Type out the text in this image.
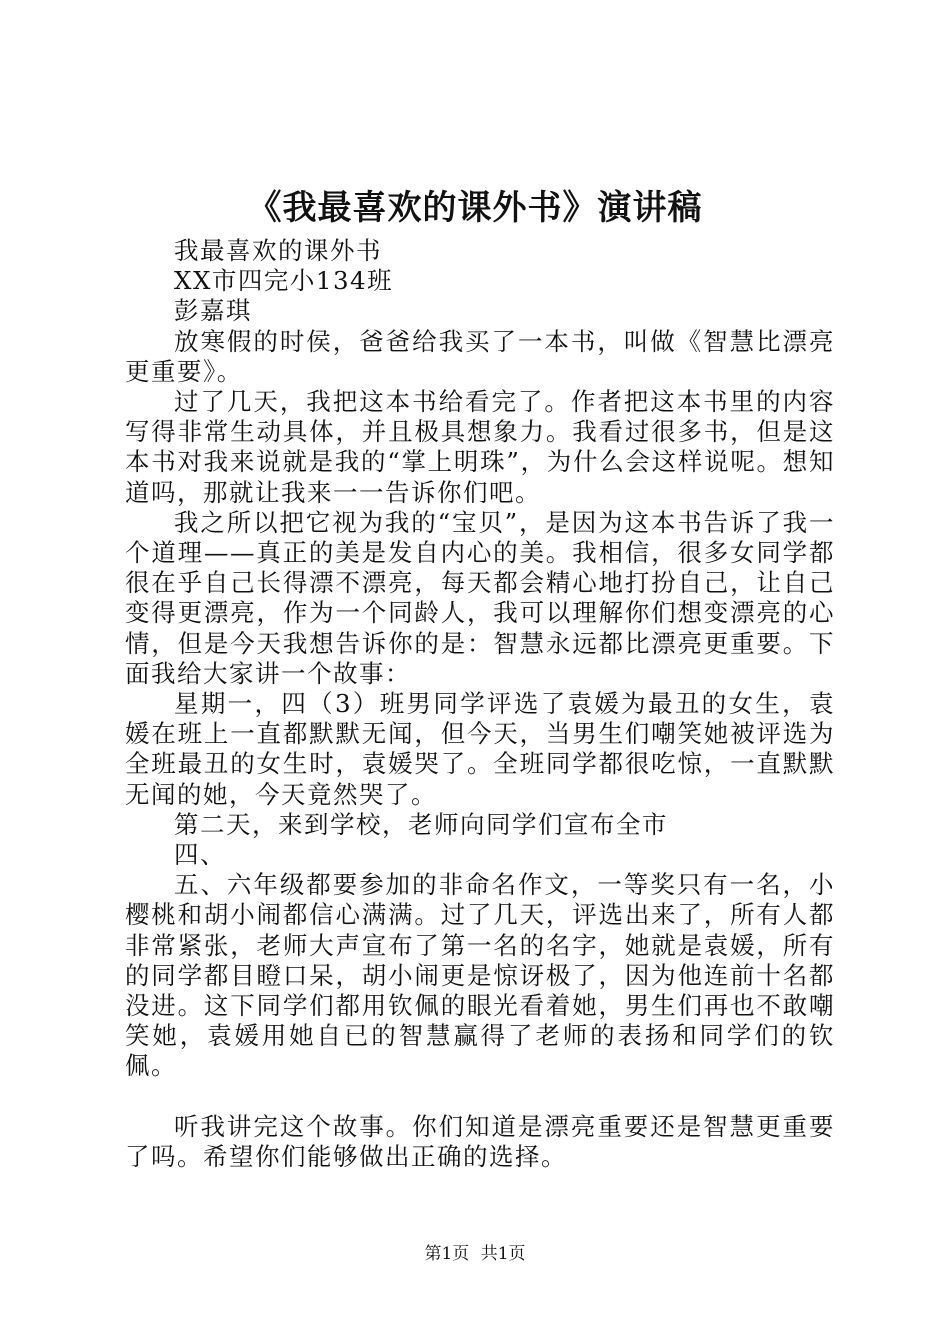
《我最喜欢的课外书》演讲稿

我最喜欢的课外书

XX市四完小134班

彭嘉琪

放寒假的时侯，爸爸给我买了一本书，叫做《智慧比漂亮更重要》。

过了几天，我把这本书给看完了。作者把这本书里的内容写得非常生动具体，并且极具想象力。我看过很多书，但是这本书对我来说就是我的“掌上明珠”，为什么会这样说呢。想知道吗，那就让我来一一告诉你们吧。

我之所以把它视为我的“宝贝”，是因为这本书告诉了我一个道理——真正的美是发自内心的美。我相信，很多女同学都很在乎自己长得漂不漂亮，每天都会精心地打扮自己，让自己变得更漂亮，作为一个同龄人，我可以理解你们想变漂亮的心情，但是今天我想告诉你的是：智慧永远都比漂亮更重要。下面我给大家讲一个故事：

星期一，四（3）班男同学评选了袁媛为最丑的女生，袁媛在班上一直都默默无闻，但今天，当男生们嘲笑她被评选为全班最丑的女生时，袁媛哭了。全班同学都很吃惊，一直默默无闻的她，今天竟然哭了。

第二天，来到学校，老师向同学们宣布全市

四、

五、六年级都要参加的非命名作文，一等奖只有一名，小樱桃和胡小闹都信心满满。过了几天，评选出来了，所有人都非常紧张，老师大声宣布了第一名的名字，她就是袁媛，所有的同学都目瞪口呆，胡小闹更是惊讶极了，因为他连前十名都没进。这下同学们都用钦佩的眼光看着她，男生们再也不敢嘲笑她，袁媛用她自已的智慧赢得了老师的表扬和同学们的钦佩。

听我讲完这个故事。你们知道是漂亮重要还是智慧更重要了吗。希望你们能够做出正确的选择。

第1页 共1页
